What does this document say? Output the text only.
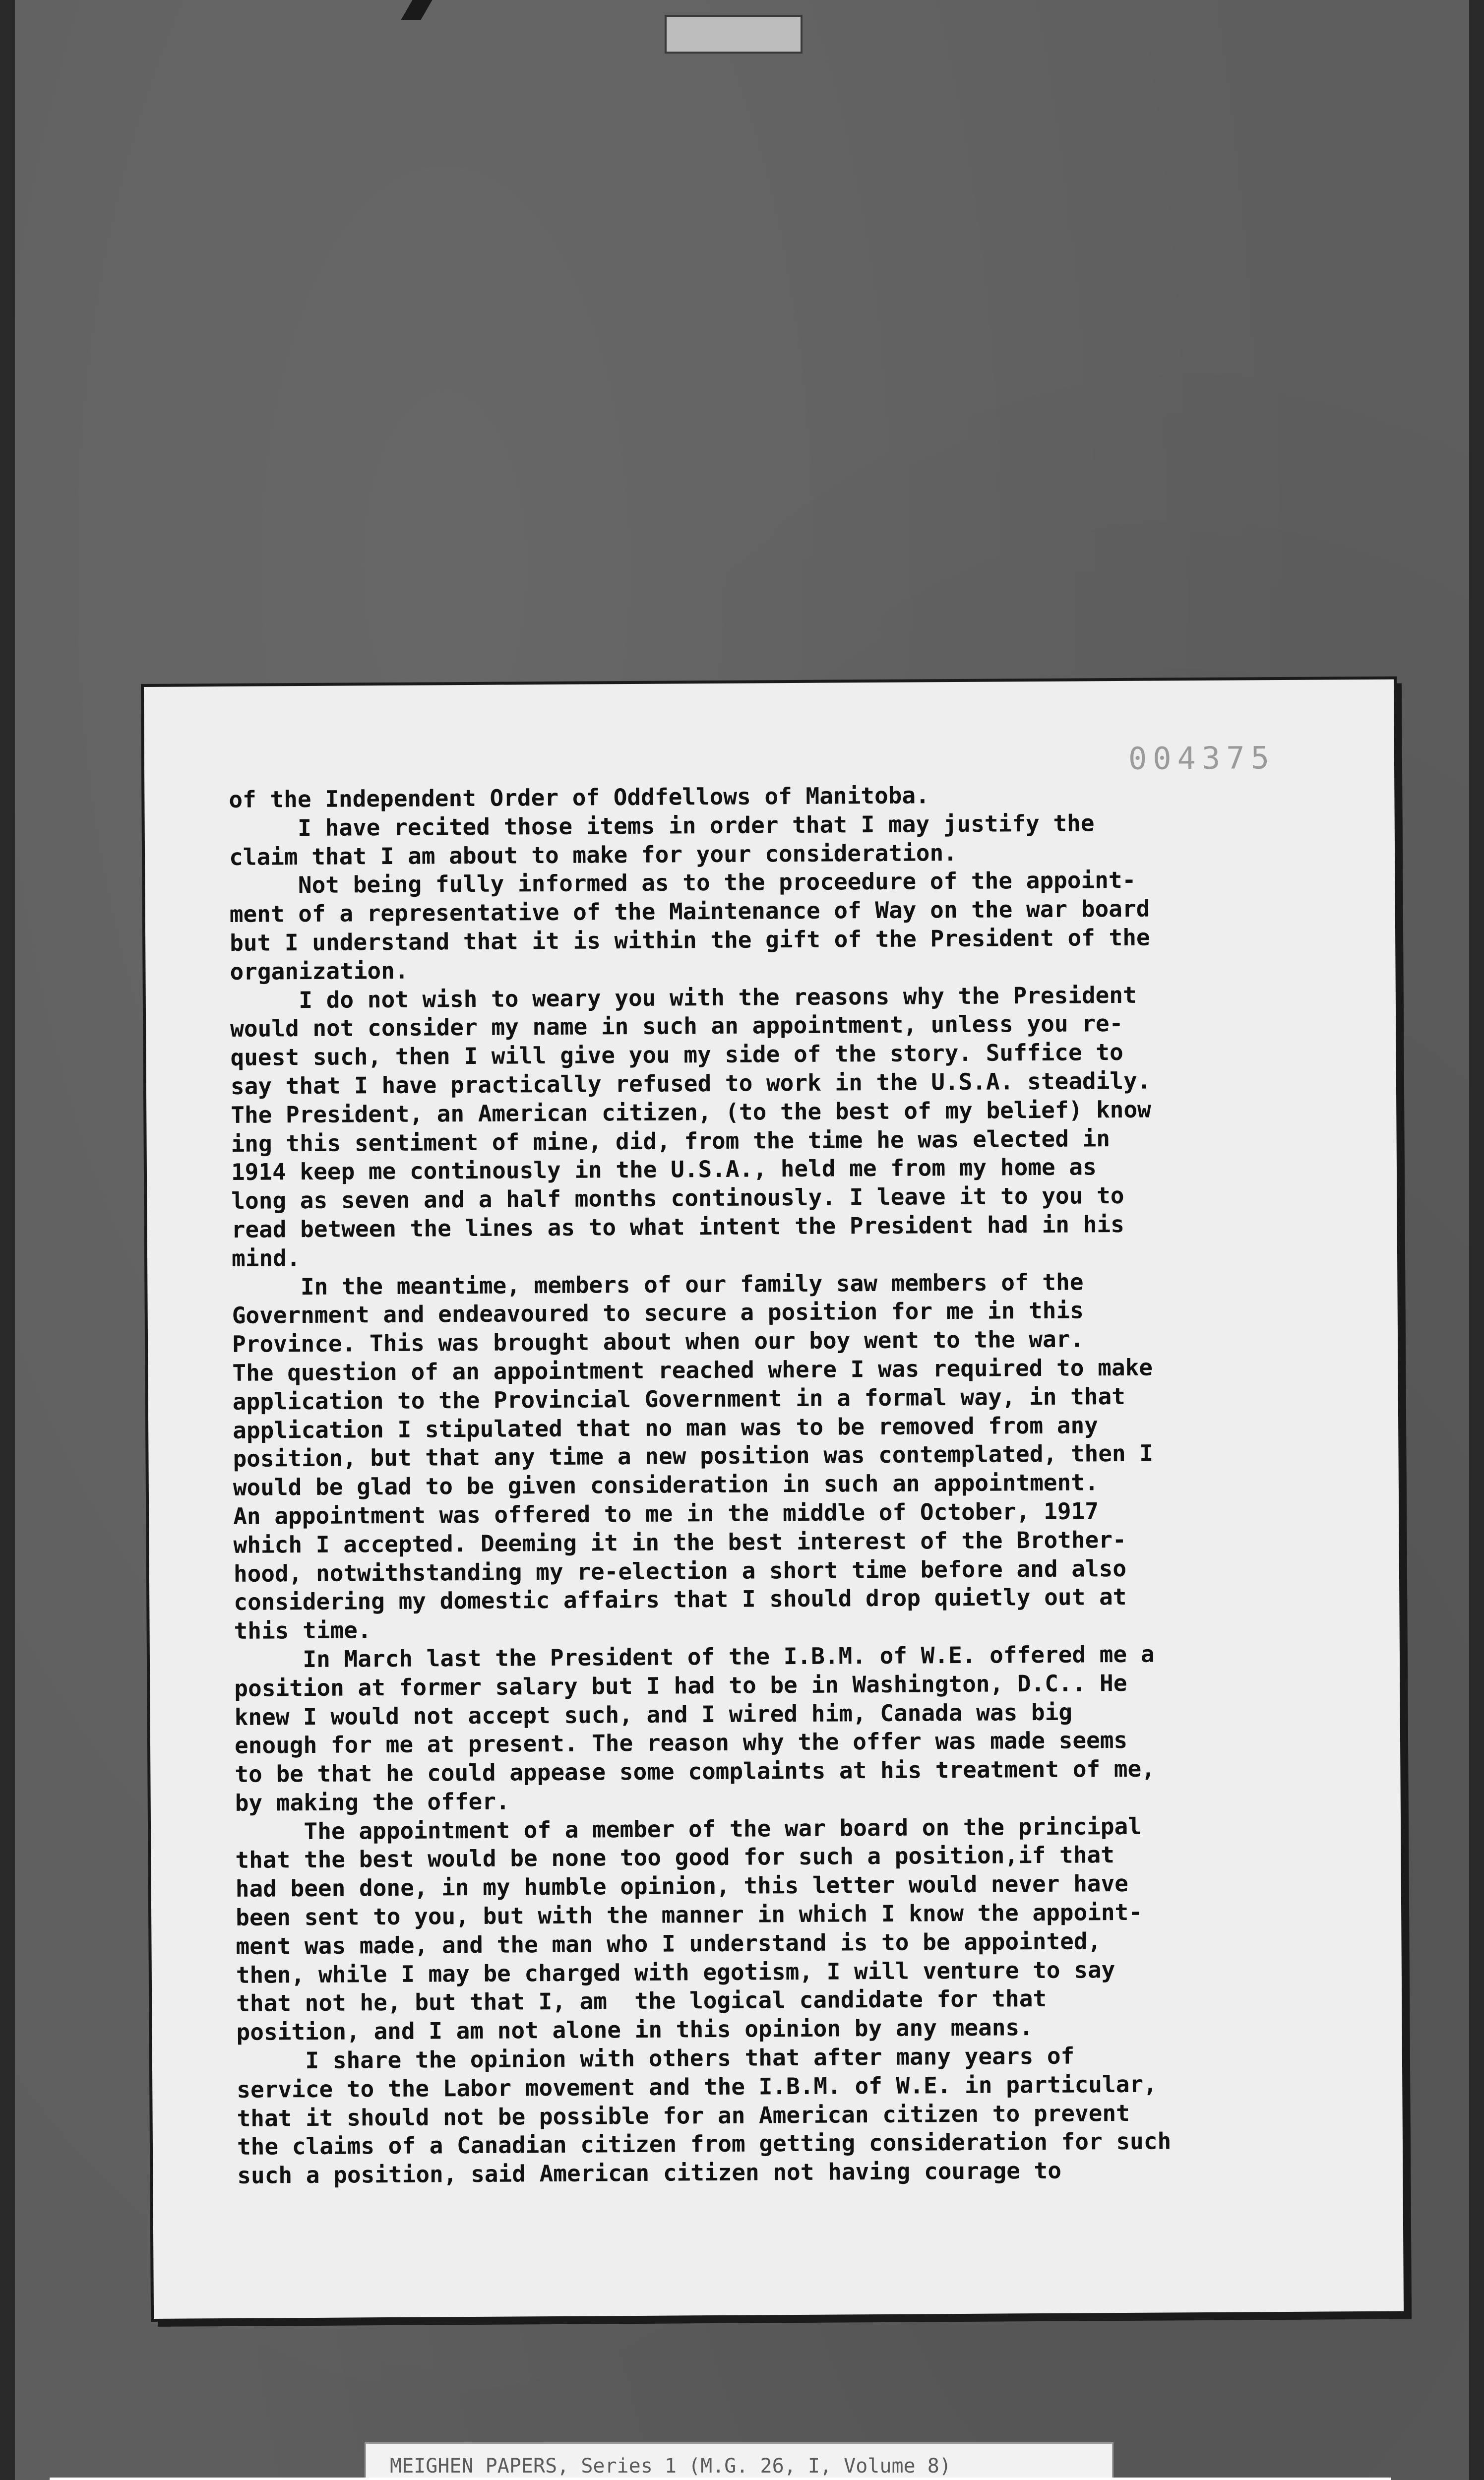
004375
of the Independent Order of Oddfellows of Manitoba.
I have recited those items in order that I may justify the
claim that I am about to make for your consideration.
Not being fully informed as to the proceedure of the appoint-
ment of a representative of the Maintenance of Way on the war board
but I understand that it is within the gift of the President of the
organization.
I do not wish to weary you with the reasons why the President
would not consider my name in such an appointment, unless you re-
quest such, then I will give you my side of the story. Suffice to
say that I have practically refused to work in the U.S.A. steadily.
The President, an American citizen, (to the best of my belief) know
ing this sentiment of mine, did, from the time he was elected in
1914 keep me continously in the U.S.A., held me from my home as
long as seven and a half months continously. I leave it to you to
read between the lines as to what intent the President had in his
mind.
In the meantime, members of our family saw members of the
Government and endeavoured to secure a position for me in this
Province. This was brought about when our boy went to the war.
The question of an appointment reached where I was required to make
application to the Provincial Government in a formal way, in that
application I stipulated that no man was to be removed from any
position, but that any time a new position was contemplated, then I
would be glad to be given consideration in such an appointment.
An appointment was offered to me in the middle of October, 1917
which I accepted. Deeming it in the best interest of the Brother-
hood, notwithstanding my re-election a short time before and also
considering my domestic affairs that I should drop quietly out at
this time.
In March last the President of the I.B.M. of W.E. offered me a
position at former salary but I had to be in Washington, D.C.. He
knew I would not accept such, and I wired him, Canada was big
enough for me at present. The reason why the offer was made seems
to be that he could appease some complaints at his treatment of me,
by making the offer.
The appointment of a member of the war board on the principal
that the best would be none too good for such a position,if that
had been done, in my humble opinion, this letter would never have
been sent to you, but with the manner in which I know the appoint-
ment was made, and the man who I understand is to be appointed,
then, while I may be charged with egotism, I will venture to say
that not he, but that I, am  the logical candidate for that
position, and I am not alone in this opinion by any means.
I share the opinion with others that after many years of
service to the Labor movement and the I.B.M. of W.E. in particular,
that it should not be possible for an American citizen to prevent
the claims of a Canadian citizen from getting consideration for such
such a position, said American citizen not having courage to
MEIGHEN PAPERS, Series 1 (M.G. 26, I, Volume 8)
